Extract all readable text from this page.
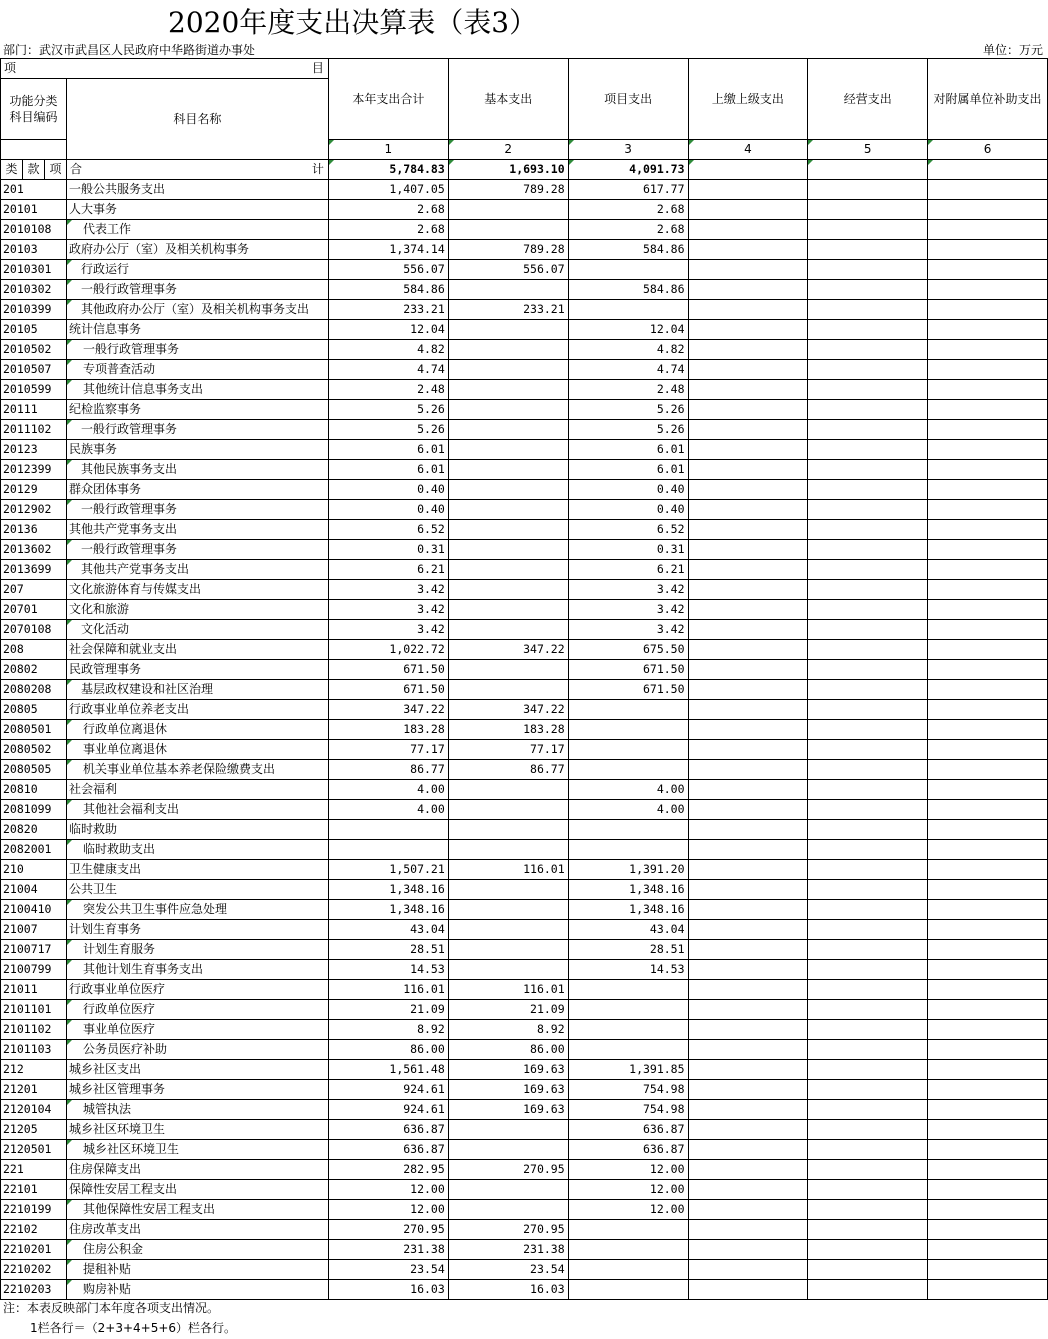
2020年度支出决算表（表3）
部门：武汉市武昌区人民政府中华路街道办事处	单位：万元
项 目				本年支出合计	基本支出	项目支出	上缴上级支出	经营支出	对附属单位补助支出
功能分类科目编码			科目名称						
				1	2	3	4	5	6
类	款	项	合 计	5,784.83	1,693.10	4,091.73			
201			一般公共服务支出	1,407.05	789.28	617.77			
20101			人大事务	2.68		2.68			
2010108			代表工作	2.68		2.68			
20103			政府办公厅（室）及相关机构事务	1,374.14	789.28	584.86			
2010301			行政运行	556.07	556.07				
2010302			一般行政管理事务	584.86		584.86			
2010399			其他政府办公厅（室）及相关机构事务支出	233.21	233.21				
20105			统计信息事务	12.04		12.04			
2010502			一般行政管理事务	4.82		4.82			
2010507			专项普查活动	4.74		4.74			
2010599			其他统计信息事务支出	2.48		2.48			
20111			纪检监察事务	5.26		5.26			
2011102			一般行政管理事务	5.26		5.26			
20123			民族事务	6.01		6.01			
2012399			其他民族事务支出	6.01		6.01			
20129			群众团体事务	0.40		0.40			
2012902			一般行政管理事务	0.40		0.40			
20136			其他共产党事务支出	6.52		6.52			
2013602			一般行政管理事务	0.31		0.31			
2013699			其他共产党事务支出	6.21		6.21			
207			文化旅游体育与传媒支出	3.42		3.42			
20701			文化和旅游	3.42		3.42			
2070108			文化活动	3.42		3.42			
208			社会保障和就业支出	1,022.72	347.22	675.50			
20802			民政管理事务	671.50		671.50			
2080208			基层政权建设和社区治理	671.50		671.50			
20805			行政事业单位养老支出	347.22	347.22				
2080501			行政单位离退休	183.28	183.28				
2080502			事业单位离退休	77.17	77.17				
2080505			机关事业单位基本养老保险缴费支出	86.77	86.77				
20810			社会福利	4.00		4.00			
2081099			其他社会福利支出	4.00		4.00			
20820			临时救助						
2082001			临时救助支出						
210			卫生健康支出	1,507.21	116.01	1,391.20			
21004			公共卫生	1,348.16		1,348.16			
2100410			突发公共卫生事件应急处理	1,348.16		1,348.16			
21007			计划生育事务	43.04		43.04			
2100717			计划生育服务	28.51		28.51			
2100799			其他计划生育事务支出	14.53		14.53			
21011			行政事业单位医疗	116.01	116.01				
2101101			行政单位医疗	21.09	21.09				
2101102			事业单位医疗	8.92	8.92				
2101103			公务员医疗补助	86.00	86.00				
212			城乡社区支出	1,561.48	169.63	1,391.85			
21201			城乡社区管理事务	924.61	169.63	754.98			
2120104			城管执法	924.61	169.63	754.98			
21205			城乡社区环境卫生	636.87		636.87			
2120501			城乡社区环境卫生	636.87		636.87			
221			住房保障支出	282.95	270.95	12.00			
22101			保障性安居工程支出	12.00		12.00			
2210199			其他保障性安居工程支出	12.00		12.00			
22102			住房改革支出	270.95	270.95				
2210201			住房公积金	231.38	231.38				
2210202			提租补贴	23.54	23.54				
2210203			购房补贴	16.03	16.03				
注：本表反映部门本年度各项支出情况。
1栏各行＝（2+3+4+5+6）栏各行。
